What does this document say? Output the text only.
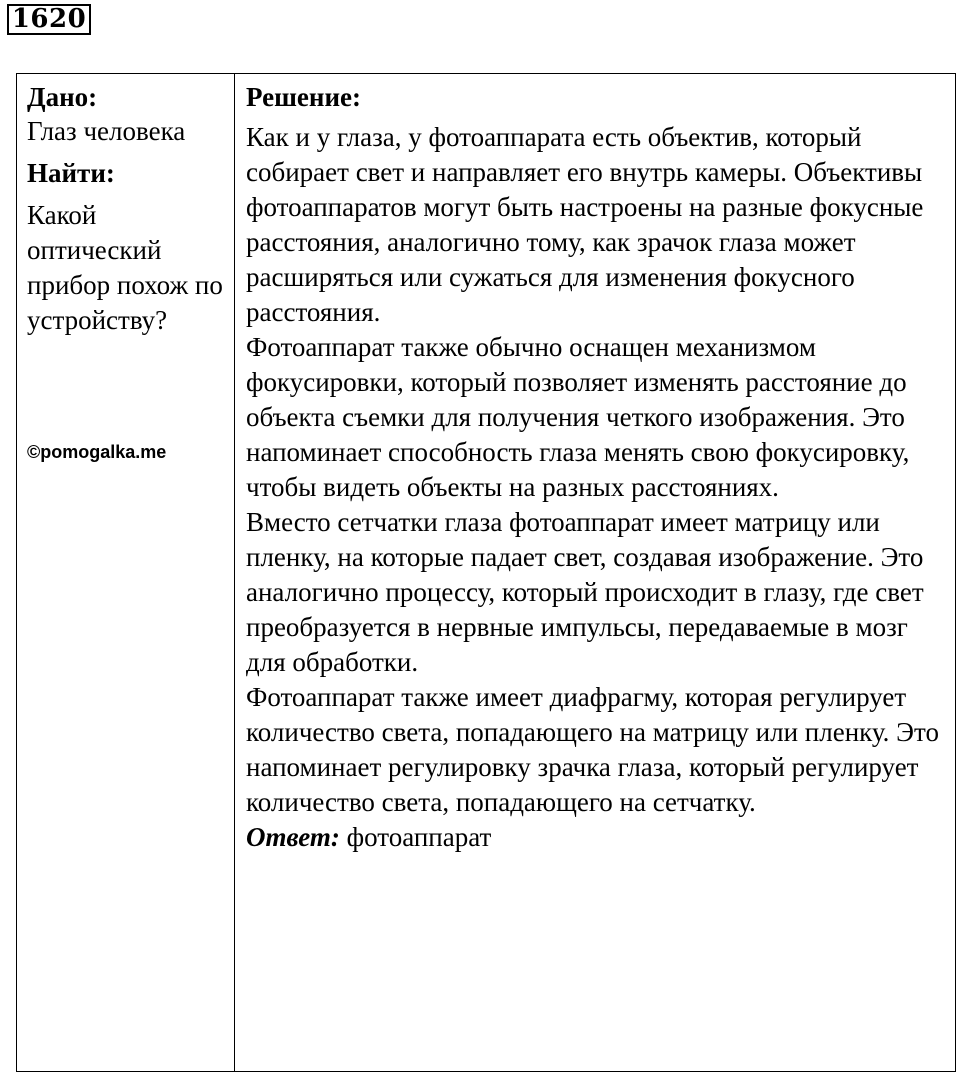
1620
Дано:
Глаз человека
Найти:
Какой оптический прибор похож по устройству?
©pomogalka.me
Решение:

Как и у глаза, у фотоаппарата есть объектив, который собирает свет и направляет его внутрь камеры. Объективы фотоаппаратов могут быть настроены на разные фокусные расстояния, аналогично тому, как зрачок глаза может расширяться или сужаться для изменения фокусного расстояния.

Фотоаппарат также обычно оснащен механизмом фокусировки, который позволяет изменять расстояние до объекта съемки для получения четкого изображения. Это напоминает способность глаза менять свою фокусировку, чтобы видеть объекты на разных расстояниях.

Вместо сетчатки глаза фотоаппарат имеет матрицу или пленку, на которые падает свет, создавая изображение. Это аналогично процессу, который происходит в глазу, где свет преобразуется в нервные импульсы, передаваемые в мозг для обработки.

Фотоаппарат также имеет диафрагму, которая регулирует количество света, попадающего на матрицу или пленку. Это напоминает регулировку зрачка глаза, который регулирует количество света, попадающего на сетчатку.

Ответ: фотоаппарат
